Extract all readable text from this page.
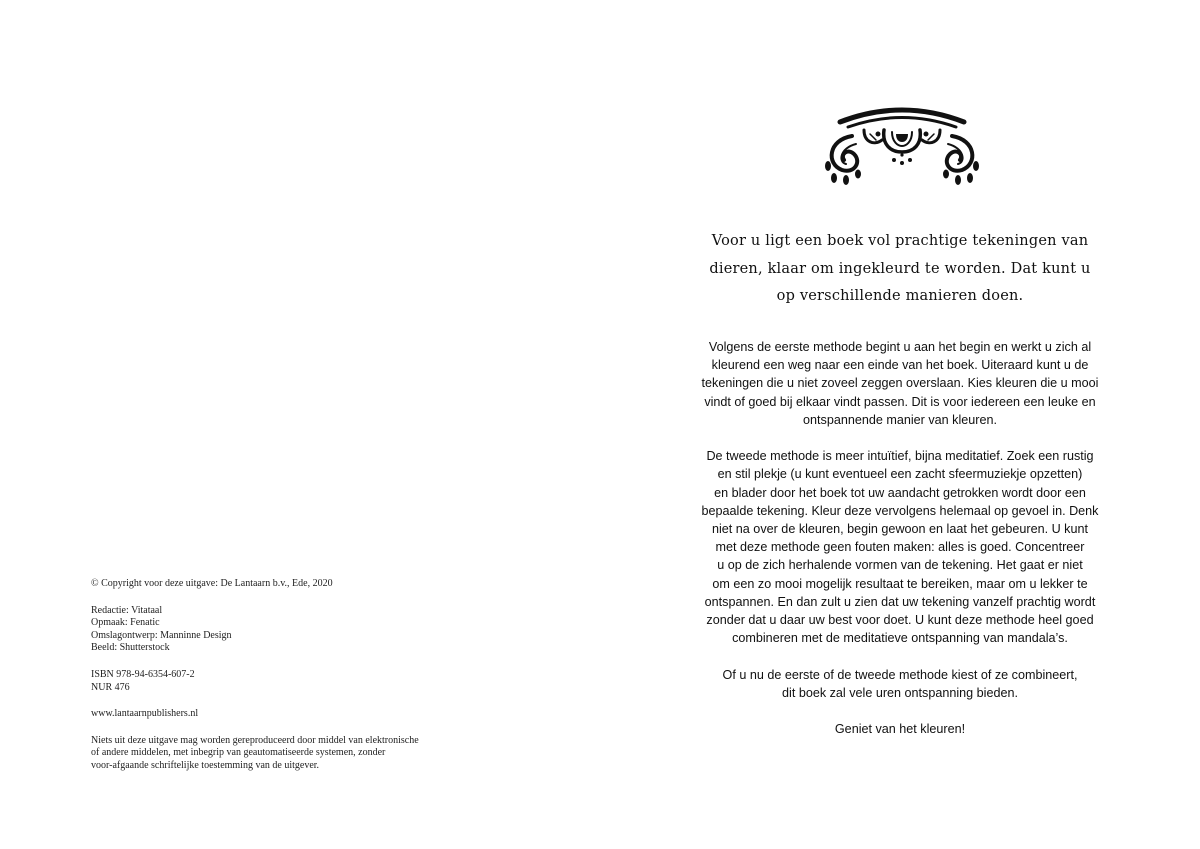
© Copyright voor deze uitgave: De Lantaarn b.v., Ede, 2020

Redactie: Vitataal

Opmaak: Fenatic

Omslagontwerp: Manninne Design

Beeld: Shutterstock

ISBN 978-94-6354-607-2

NUR 476

www.lantaarnpublishers.nl

Niets uit deze uitgave mag worden gereproduceerd door middel van elektronische

of andere middelen, met inbegrip van geautomatiseerde systemen, zonder

voor-afgaande schriftelijke toestemming van de uitgever.

Voor u ligt een boek vol prachtige tekeningen van

dieren, klaar om ingekleurd te worden. Dat kunt u

op verschillende manieren doen.

Volgens de eerste methode begint u aan het begin en werkt u zich al
kleurend een weg naar een einde van het boek. Uiteraard kunt u de
tekeningen die u niet zoveel zeggen overslaan. Kies kleuren die u mooi
vindt of goed bij elkaar vindt passen. Dit is voor iedereen een leuke en
ontspannende manier van kleuren.

De tweede methode is meer intuïtief, bijna meditatief. Zoek een rustig
en stil plekje (u kunt eventueel een zacht sfeermuziekje opzetten)
en blader door het boek tot uw aandacht getrokken wordt door een
bepaalde tekening. Kleur deze vervolgens helemaal op gevoel in. Denk
niet na over de kleuren, begin gewoon en laat het gebeuren. U kunt
met deze methode geen fouten maken: alles is goed. Concentreer
u op de zich herhalende vormen van de tekening. Het gaat er niet
om een zo mooi mogelijk resultaat te bereiken, maar om u lekker te
ontspannen. En dan zult u zien dat uw tekening vanzelf prachtig wordt
zonder dat u daar uw best voor doet. U kunt deze methode heel goed
combineren met de meditatieve ontspanning van mandala’s.

Of u nu de eerste of de tweede methode kiest of ze combineert,
dit boek zal vele uren ontspanning bieden.

Geniet van het kleuren!
